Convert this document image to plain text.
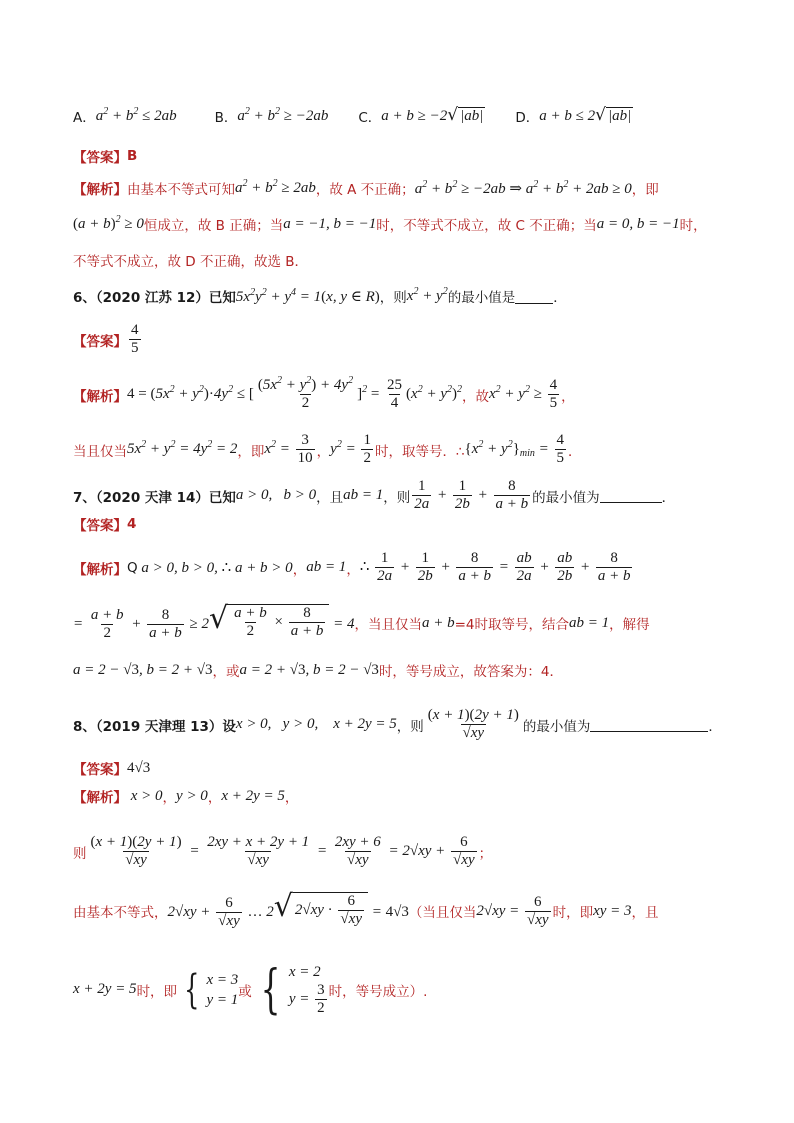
A． $a^2 + b^2 \le 2ab$	B． $a^2 + b^2 \ge -2ab$ C． a + b ≥ −2 √ |ab| D． a + b ≤ 2 √ |ab|
【答案】 B
【解析】 由基本不等式可知 $a^2 + b^2 \ge 2ab$ ，故 A 不正确； $a^2 + b^2 \ge -2ab$ ⇒ $a^2 + b^2 + 2ab \ge 0$ ，即
$(a + b)^2 \ge 0$ 恒成立，故 B 正确；当 a = −1, b = −1 时，不等式不成立，故 C 不正确；当 a = 0, b = −1 时，
不等式不成立，故 D 不正确，故选 B．
6、（2020 江苏 12）已知 $5x^2y^2 + y^4 = 1(x$, y ∈ R) ，则 $x^2 + y^2$ 的最小值是	．
【答案】 $\frac{4}{5}$
【解析】 $4 = (5x^2 + y^2)\cdot 4y^2$ ≤ [ $\frac{(5x^2 + y^2) + 4y^2}{2} ]^2 = \frac{25}{4} (x^2 + y^2)^2$ ，故 $x^2 + y^2 \ge \frac{4}{5}$ ，
当且仅当 $5x^2 + y^2 = 4y^2 = 2$ ，即 $x^2 = \frac{3}{10}$ ， $y^2 = \frac{1}{2}$ 时，取等号．∴ $\{x^2 + y^2\}_{min} = \frac{4}{5}$ ．
7、（2020 天津 14）已知 a > 0,   b > 0 ，且 ab = 1 ，则 $\frac{1}{2a} + \frac{1}{2b} + \frac{8}{a + b}$ 的最小值为	．
【答案】 4
【解析】 Q a > 0, b > 0, ∴ a + b > 0 ， ab = 1 ， ∴ $\frac{1}{2a} + \frac{1}{2b} + \frac{8}{a + b} = \frac{ab}{2a} + \frac{ab}{2b} + \frac{8}{a + b}$
= $\frac{a + b}{2} + \frac{8}{a + b} \ge 2$ √ $\frac{a + b}{2} \times \frac{8}{a + b} = 4$ ，当且仅当 a + b =4时取等号，结合 ab = 1 ，解得
a = 2 − √3, b = 2 + √3 ，或 a = 2 + √3, b = 2 − √3 时，等号成立，故答案为：4．
8、（2019 天津理 13）设 x > 0,   y > 0,    x + 2y = 5 ，则 $\frac{(x + 1)(2y + 1)}{√xy}$ 的最小值为	．
【答案】 4√3
【解析】 x > 0 ， y > 0 ， x + 2y = 5 ，
则 $\frac{(x + 1)(2y + 1)}{√xy} = \frac{2xy + x + 2y + 1}{√xy} = \frac{2xy + 6}{√xy} = 2√xy + \frac{6}{√xy}$ ；
由基本不等式， $2√xy + \frac{6}{√xy}$ … 2 √ $2√xy \cdot \frac{6}{√xy} = 4√3$ （当且仅当 $2√xy = \frac{6}{√xy}$ 时，即 xy = 3 ，且
x + 2y = 5 时，即 { x = 3
y = 1 或 { x = 2
$y = \frac{3}{2}$ 时，等号成立）.
